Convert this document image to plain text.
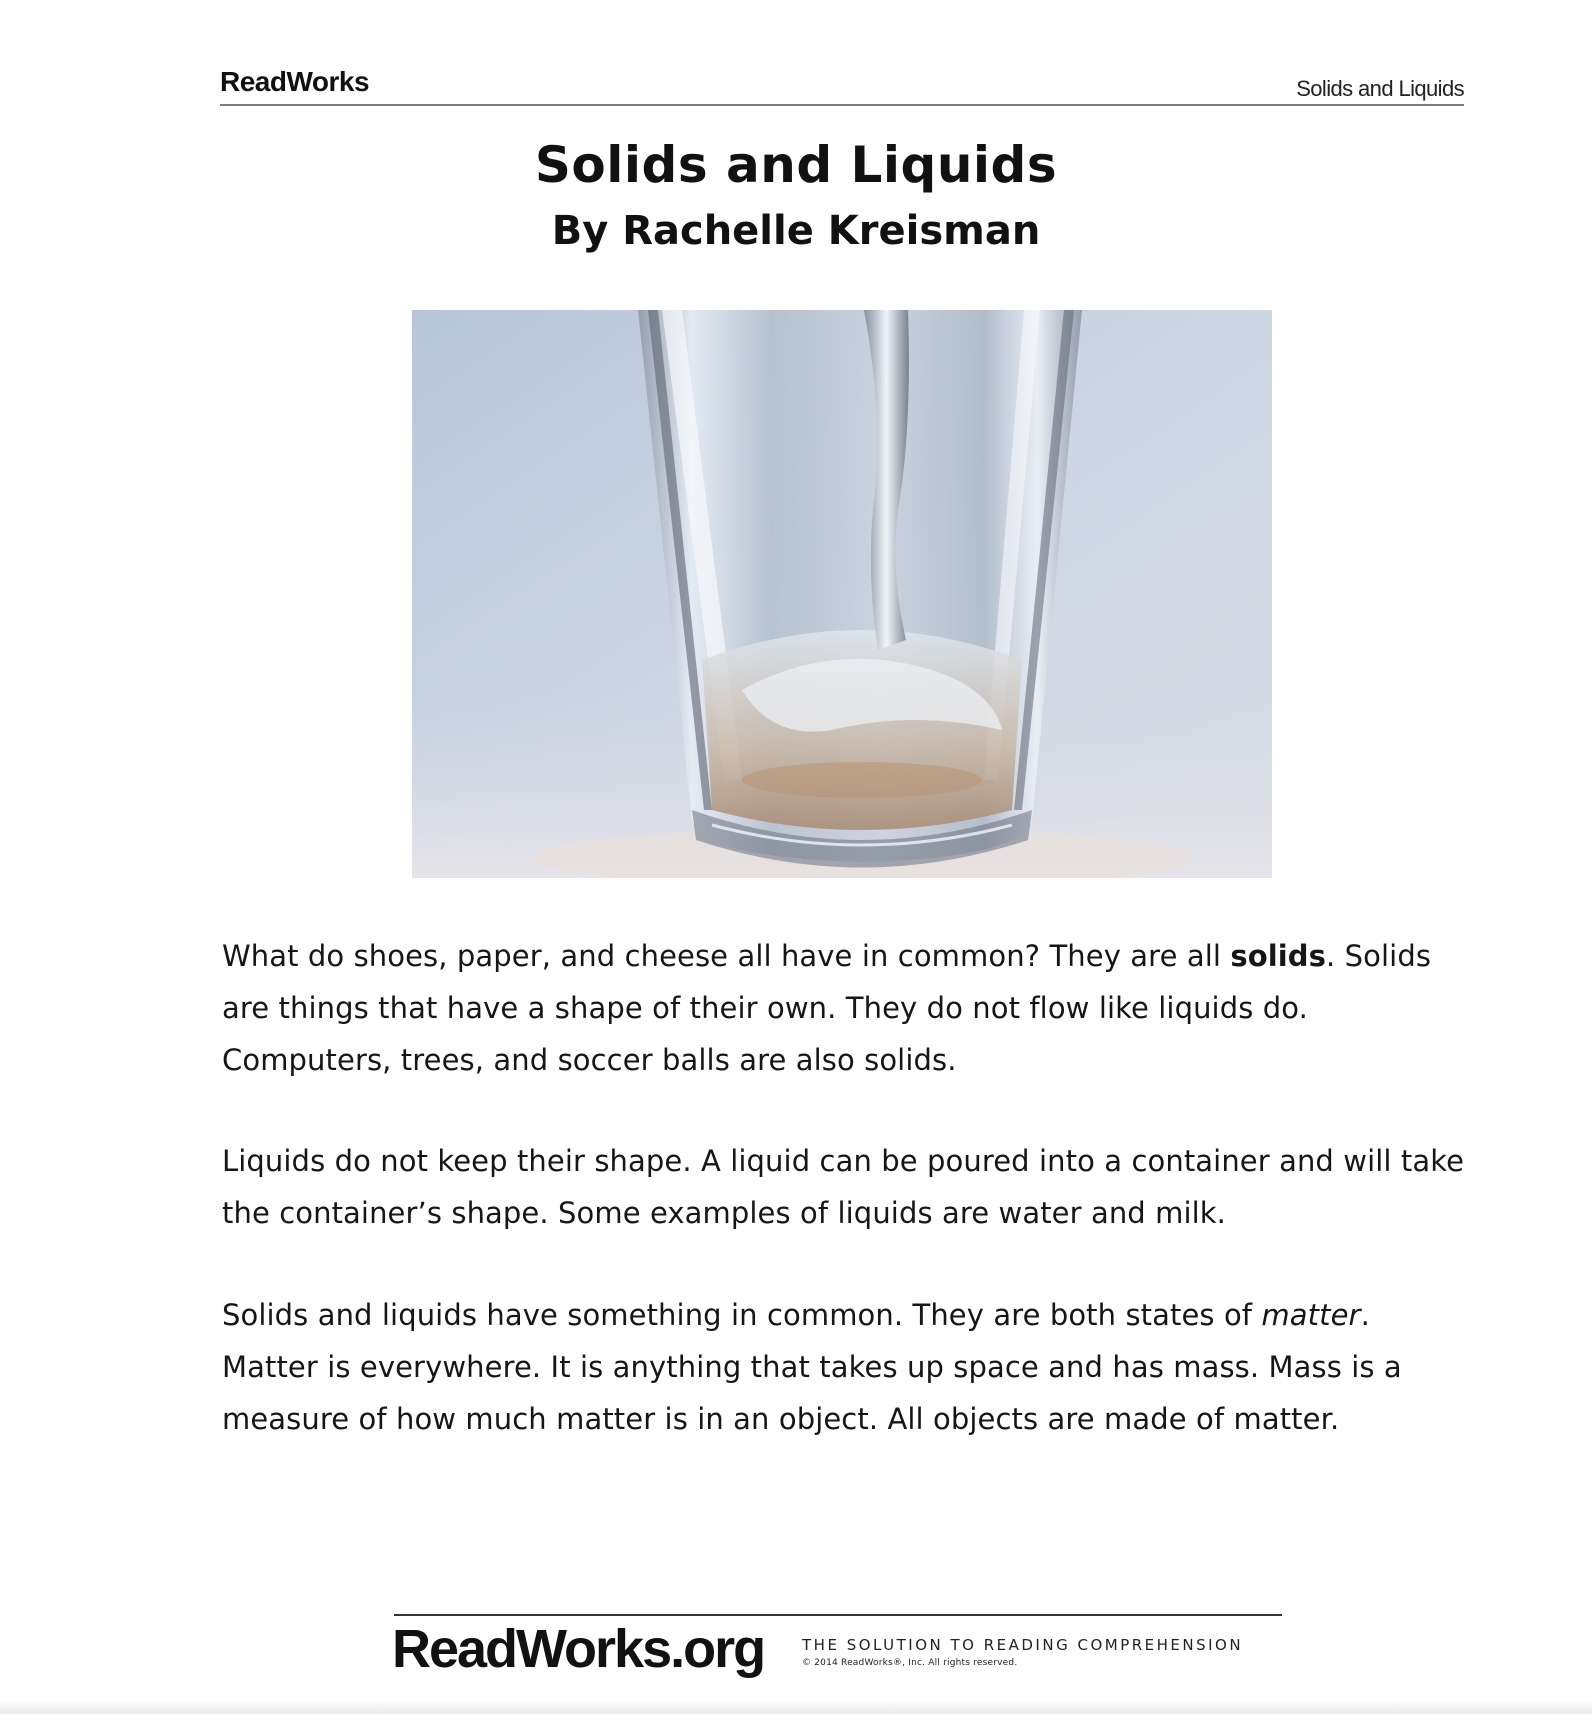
ReadWorks	Solids and Liquids
Solids and Liquids
By Rachelle Kreisman

What do shoes, paper, and cheese all have in common? They are all solids. Solids are things that have a shape of their own. They do not flow like liquids do. Computers, trees, and soccer balls are also solids.

Liquids do not keep their shape. A liquid can be poured into a container and will take the container’s shape. Some examples of liquids are water and milk.

Solids and liquids have something in common. They are both states of matter. Matter is everywhere. It is anything that takes up space and has mass. Mass is a measure of how much matter is in an object. All objects are made of matter.

ReadWorks.org	THE SOLUTION TO READING COMPREHENSION
© 2014 ReadWorks®, Inc. All rights reserved.
